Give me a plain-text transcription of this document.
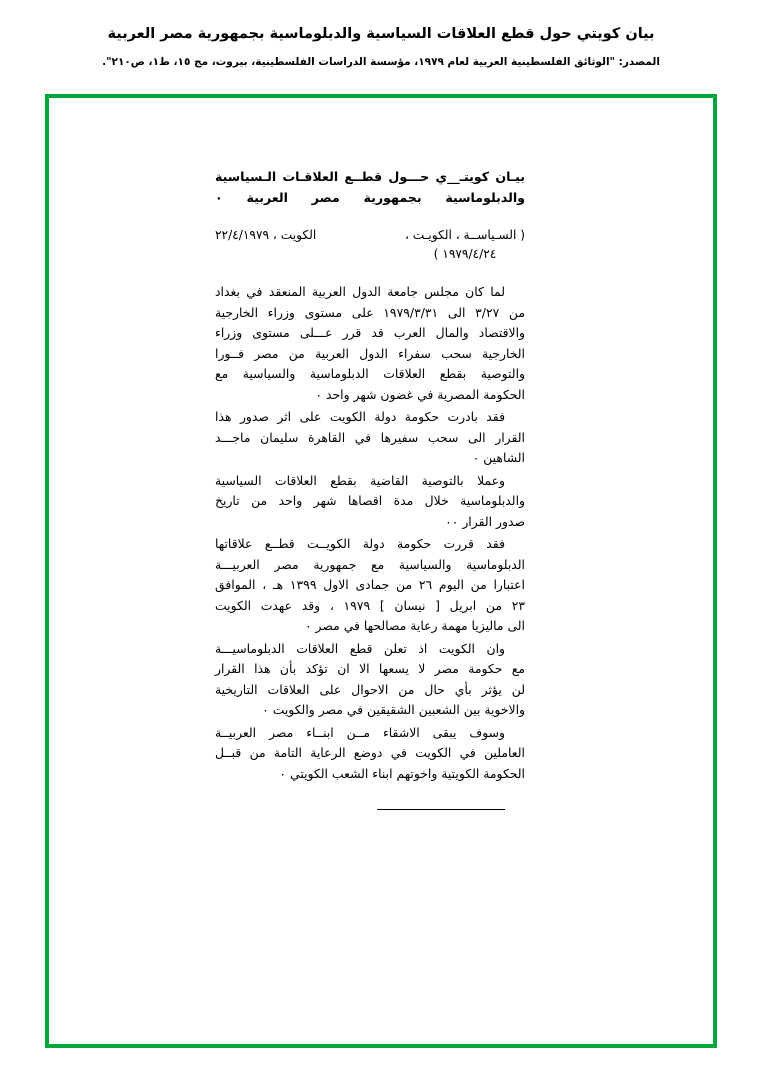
بيان كويتي حول قطع العلاقات السياسية والدبلوماسية بجمهورية مصر العربية
المصدر: "الوثائق الفلسطينية العربية لعام ١٩٧٩، مؤسسة الدراسات الفلسطينية، بيروت، مج ١٥، ط١، ص٢١٠".
بيـان كويتـ__ي حـــول قطــع العلاقـات الـسياسية
والدبلوماسية بجمهورية مصر العربية ٠
( السـياســة ، الكويـت ،
١٩٧٩/٤/٢٤ )
الكويت ، ٢٢/٤/١٩٧٩

لما كان مجلس جامعة الدول العربية المنعقد في بغداد
من ٣/٢٧ الى ١٩٧٩/٣/٣١ على مستوى وزراء الخارجية
والاقتصاد والمال العرب قد قرر عـــلى مستوى وزراء
الخارجية سحب سفراء الدول العربية من مصر فــورا
والتوصية بقطع العلاقات الدبلوماسية والسياسية مع
الحكومة المصرية في غضون شهر واحد ٠

فقد بادرت حكومة دولة الكويت على اثر صدور هذا
القرار الى سحب سفيرها في القاهرة سليمان ماجـــد
الشاهين ٠

وعملا بالتوصية القاضية بقطع العلاقات السياسية
والدبلوماسية خلال مدة اقصاها شهر واحد من تاريخ
صدور القرار ٠٠

فقد قررت حكومة دولة الكويــت قطــع علاقاتها
الدبلوماسية والسياسية مع جمهورية مصر العربيـــة
اعتبارا من اليوم ٢٦ من جمادى الاول ١٣٩٩ هـ ، الموافق
٢٣ من ابريل [ نيسان ] ١٩٧٩ ، وقد عهدت الكويت
الى ماليزيا مهمة رعاية مصالحها في مصر ٠

وان الكويت اذ تعلن قطع العلاقات الدبلوماسيـــة
مع حكومة مصر لا يسعها الا ان تؤكد بأن هذا القرار
لن يؤثر بأي حال من الاحوال على العلاقات التاريخية
والاخوية بين الشعبين الشقيقين في مصر والكويت ٠

وسوف يبقى الاشقاء مــن ابنــاء مصر العربيــة
العاملين في الكويت في دوضع الرعاية التامة من قبــل
الحكومة الكويتية واخوتهم ابناء الشعب الكويتي ٠
